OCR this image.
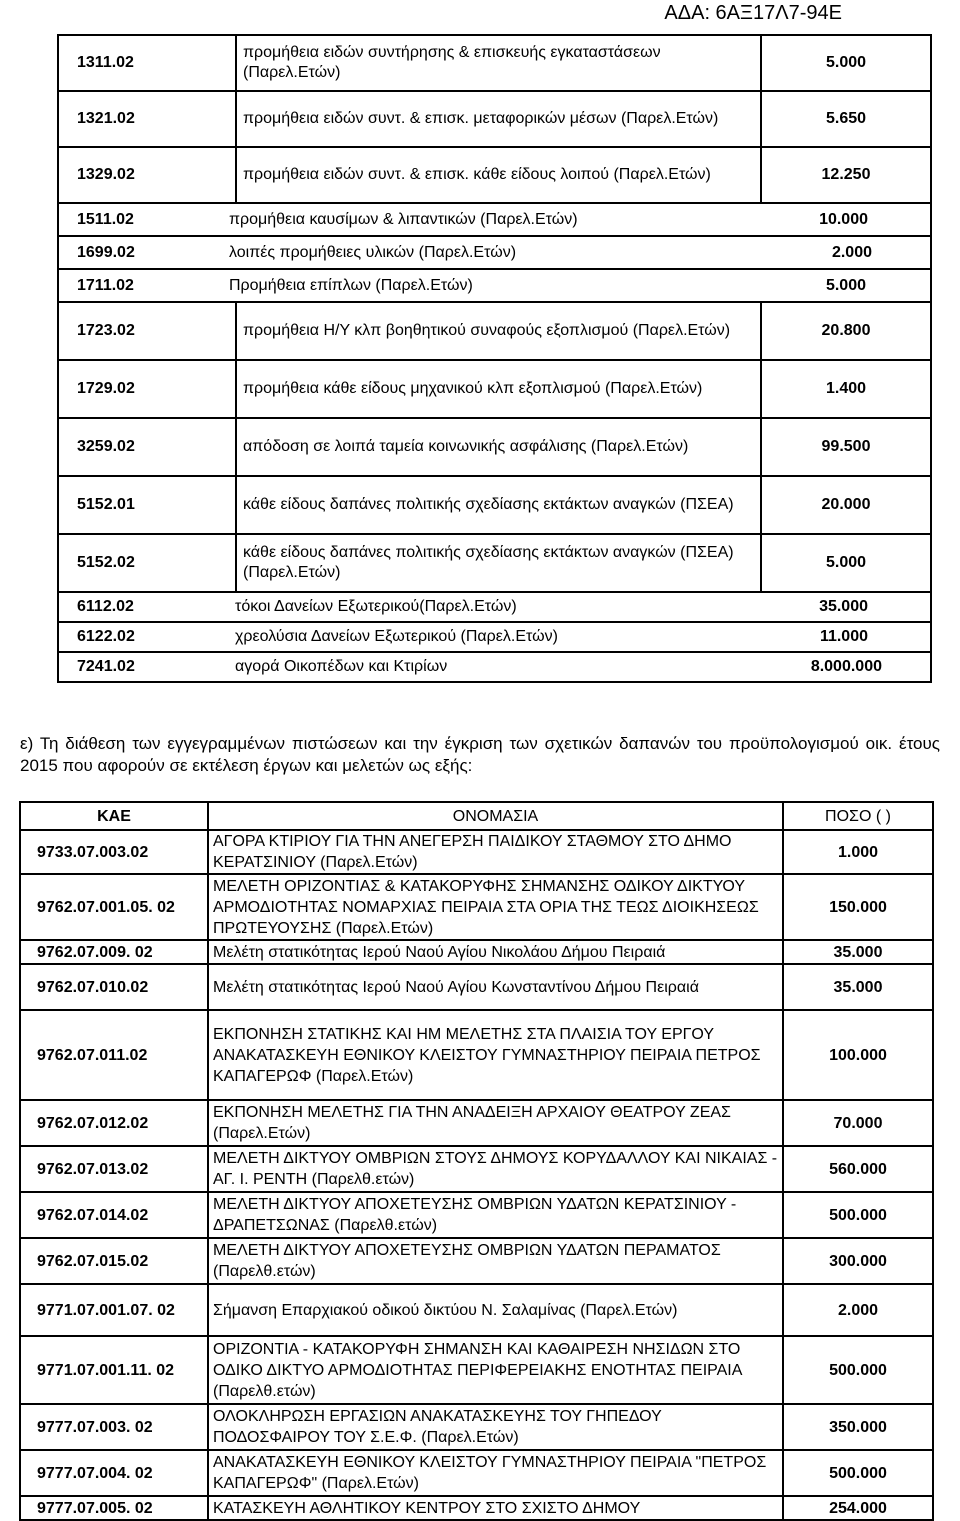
ΑΔΑ: 6ΑΞ17Λ7-94Ε
1311.02	προμήθεια ειδών συντήρησης & επισκευής εγκαταστάσεων (Παρελ.Ετών)	5.000
1321.02	προμήθεια ειδών συντ. & επισκ. μεταφορικών μέσων (Παρελ.Ετών)	5.650
1329.02	προμήθεια ειδών συντ. & επισκ. κάθε είδους λοιπού (Παρελ.Ετών)	12.250
1511.02 προμήθεια καυσίμων & λιπαντικών (Παρελ.Ετών) 10.000		

1699.02 λοιπές προμήθειες υλικών (Παρελ.Ετών) 2.000		

1711.02 Προμήθεια επίπλων (Παρελ.Ετών) 5.000		

1723.02	προμήθεια Η/Υ κλπ βοηθητικού συναφούς εξοπλισμού (Παρελ.Ετών)	20.800
1729.02	προμήθεια κάθε είδους μηχανικού κλπ εξοπλισμού (Παρελ.Ετών)	1.400
3259.02	απόδοση σε λοιπά ταμεία κοινωνικής ασφάλισης (Παρελ.Ετών)	99.500
5152.01	κάθε είδους δαπάνες πολιτικής σχεδίασης εκτάκτων αναγκών (ΠΣΕΑ)	20.000
5152.02	κάθε είδους δαπάνες πολιτικής σχεδίασης εκτάκτων αναγκών (ΠΣΕΑ) (Παρελ.Ετών)	5.000
6112.02 τόκοι Δανείων Εξωτερικού(Παρελ.Ετών) 35.000		

6122.02 χρεολύσια Δανείων Εξωτερικού (Παρελ.Ετών) 11.000		

7241.02 αγορά Οικοπέδων και Κτιρίων 8.000.000		
ε) Τη διάθεση των εγγεγραμμένων πιστώσεων και την έγκριση των σχετικών δαπανών του προϋπολογισμού οικ. έτους 2015 που αφορούν σε εκτέλεση έργων και μελετών ως εξής:
ΚΑΕ	ΟΝΟΜΑΣΙΑ	ΠΟΣΟ ( )
9733.07.003.02	ΑΓΟΡΑ ΚΤΙΡΙΟΥ ΓΙΑ ΤΗΝ ΑΝΕΓΕΡΣΗ ΠΑΙΔΙΚΟΥ ΣΤΑΘΜΟΥ ΣΤΟ ΔΗΜΟ ΚΕΡΑΤΣΙΝΙΟΥ (Παρελ.Ετών)	1.000
9762.07.001.05. 02	ΜΕΛΕΤΗ ΟΡΙΖΟΝΤΙΑΣ & ΚΑΤΑΚΟΡΥΦΗΣ ΣΗΜΑΝΣΗΣ ΟΔΙΚΟΥ ΔΙΚΤΥΟΥ ΑΡΜΟΔΙΟΤΗΤΑΣ ΝΟΜΑΡΧΙΑΣ ΠΕΙΡΑΙΑ ΣΤΑ ΟΡΙΑ ΤΗΣ ΤΕΩΣ ΔΙΟΙΚΗΣΕΩΣ ΠΡΩΤΕΥΟΥΣΗΣ (Παρελ.Ετών)	150.000
9762.07.009. 02	Μελέτη στατικότητας Ιερού Ναού Αγίου Νικολάου Δήμου Πειραιά	35.000
9762.07.010.02	Μελέτη στατικότητας Ιερού Ναού Αγίου Κωνσταντίνου Δήμου Πειραιά	35.000
9762.07.011.02	ΕΚΠΟΝΗΣΗ ΣΤΑΤΙΚΗΣ ΚΑΙ ΗΜ ΜΕΛΕΤΗΣ ΣΤΑ ΠΛΑΙΣΙΑ ΤΟΥ ΕΡΓΟΥ ΑΝΑΚΑΤΑΣΚΕΥΗ ΕΘΝΙΚΟΥ ΚΛΕΙΣΤΟΥ ΓΥΜΝΑΣΤΗΡΙΟΥ ΠΕΙΡΑΙΑ ΠΕΤΡΟΣ ΚΑΠΑΓΕΡΩΦ (Παρελ.Ετών)	100.000
9762.07.012.02	ΕΚΠΟΝΗΣΗ ΜΕΛΕΤΗΣ ΓΙΑ ΤΗΝ ΑΝΑΔΕΙΞΗ ΑΡΧΑΙΟΥ ΘΕΑΤΡΟΥ ΖΕΑΣ (Παρελ.Ετών)	70.000
9762.07.013.02	ΜΕΛΕΤΗ ΔΙΚΤΥΟΥ ΟΜΒΡΙΩΝ ΣΤΟΥΣ ΔΗΜΟΥΣ ΚΟΡΥΔΑΛΛΟΥ ΚΑΙ ΝΙΚΑΙΑΣ - ΑΓ. Ι. ΡΕΝΤΗ (Παρελθ.ετών)	560.000
9762.07.014.02	ΜΕΛΕΤΗ ΔΙΚΤΥΟΥ ΑΠΟΧΕΤΕΥΣΗΣ ΟΜΒΡΙΩΝ ΥΔΑΤΩΝ ΚΕΡΑΤΣΙΝΙΟΥ - ΔΡΑΠΕΤΣΩΝΑΣ (Παρελθ.ετών)	500.000
9762.07.015.02	ΜΕΛΕΤΗ ΔΙΚΤΥΟΥ ΑΠΟΧΕΤΕΥΣΗΣ ΟΜΒΡΙΩΝ ΥΔΑΤΩΝ ΠΕΡΑΜΑΤΟΣ (Παρελθ.ετών)	300.000
9771.07.001.07. 02	Σήμανση Επαρχιακού οδικού δικτύου Ν. Σαλαμίνας (Παρελ.Ετών)	2.000
9771.07.001.11. 02	ΟΡΙΖΟΝΤΙΑ - ΚΑΤΑΚΟΡΥΦΗ ΣΗΜΑΝΣΗ ΚΑΙ ΚΑΘΑΙΡΕΣΗ ΝΗΣΙΔΩΝ ΣΤΟ ΟΔΙΚΟ ΔΙΚΤΥΟ ΑΡΜΟΔΙΟΤΗΤΑΣ ΠΕΡΙΦΕΡΕΙΑΚΗΣ ΕΝΟΤΗΤΑΣ ΠΕΙΡΑΙΑ (Παρελθ.ετών)	500.000
9777.07.003. 02	ΟΛΟΚΛΗΡΩΣΗ ΕΡΓΑΣΙΩΝ ΑΝΑΚΑΤΑΣΚΕΥΗΣ ΤΟΥ ΓΗΠΕΔΟΥ ΠΟΔΟΣΦΑΙΡΟΥ ΤΟΥ Σ.Ε.Φ. (Παρελ.Ετών)	350.000
9777.07.004. 02	ΑΝΑΚΑΤΑΣΚΕΥΗ ΕΘΝΙΚΟΥ ΚΛΕΙΣΤΟΥ ΓΥΜΝΑΣΤΗΡΙΟΥ ΠΕΙΡΑΙΑ "ΠΕΤΡΟΣ ΚΑΠΑΓΕΡΩΦ" (Παρελ.Ετών)	500.000
9777.07.005. 02	ΚΑΤΑΣΚΕΥΗ ΑΘΛΗΤΙΚΟΥ ΚΕΝΤΡΟΥ ΣΤΟ ΣΧΙΣΤΟ ΔΗΜΟΥ	254.000
